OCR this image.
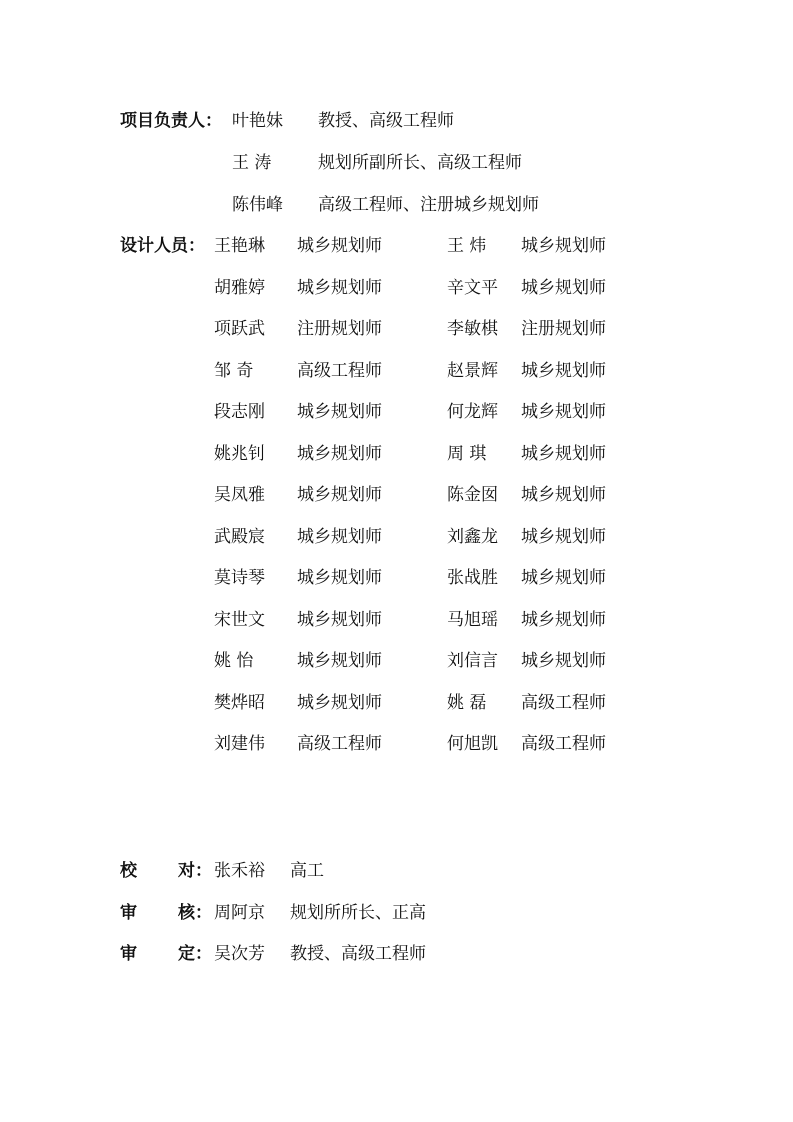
项目负责人： 叶艳妹 教授、高级工程师
王 涛	规划所副所长、高级工程师
陈伟峰 高级工程师、注册城乡规划师
设计人员： 王艳琳 城乡规划师	王 炜 城乡规划师
胡雅婷 城乡规划师	辛文平 城乡规划师
项跃武 注册规划师	李敏棋 注册规划师
邹 奇	高级工程师	赵景辉 城乡规划师
段志刚 城乡规划师	何龙辉 城乡规划师
姚兆钊 城乡规划师	周 琪 城乡规划师
吴凤雅 城乡规划师	陈金囡 城乡规划师
武殿宸 城乡规划师	刘鑫龙 城乡规划师
莫诗琴 城乡规划师	张战胜 城乡规划师
宋世文 城乡规划师	马旭瑶 城乡规划师
姚 怡	城乡规划师	刘信言 城乡规划师
樊烨昭 城乡规划师	姚 磊 高级工程师
刘建伟 高级工程师	何旭凯 高级工程师
校 对： 张禾裕 高工
审 核： 周阿京 规划所所长、正高
审 定： 吴次芳 教授、高级工程师
